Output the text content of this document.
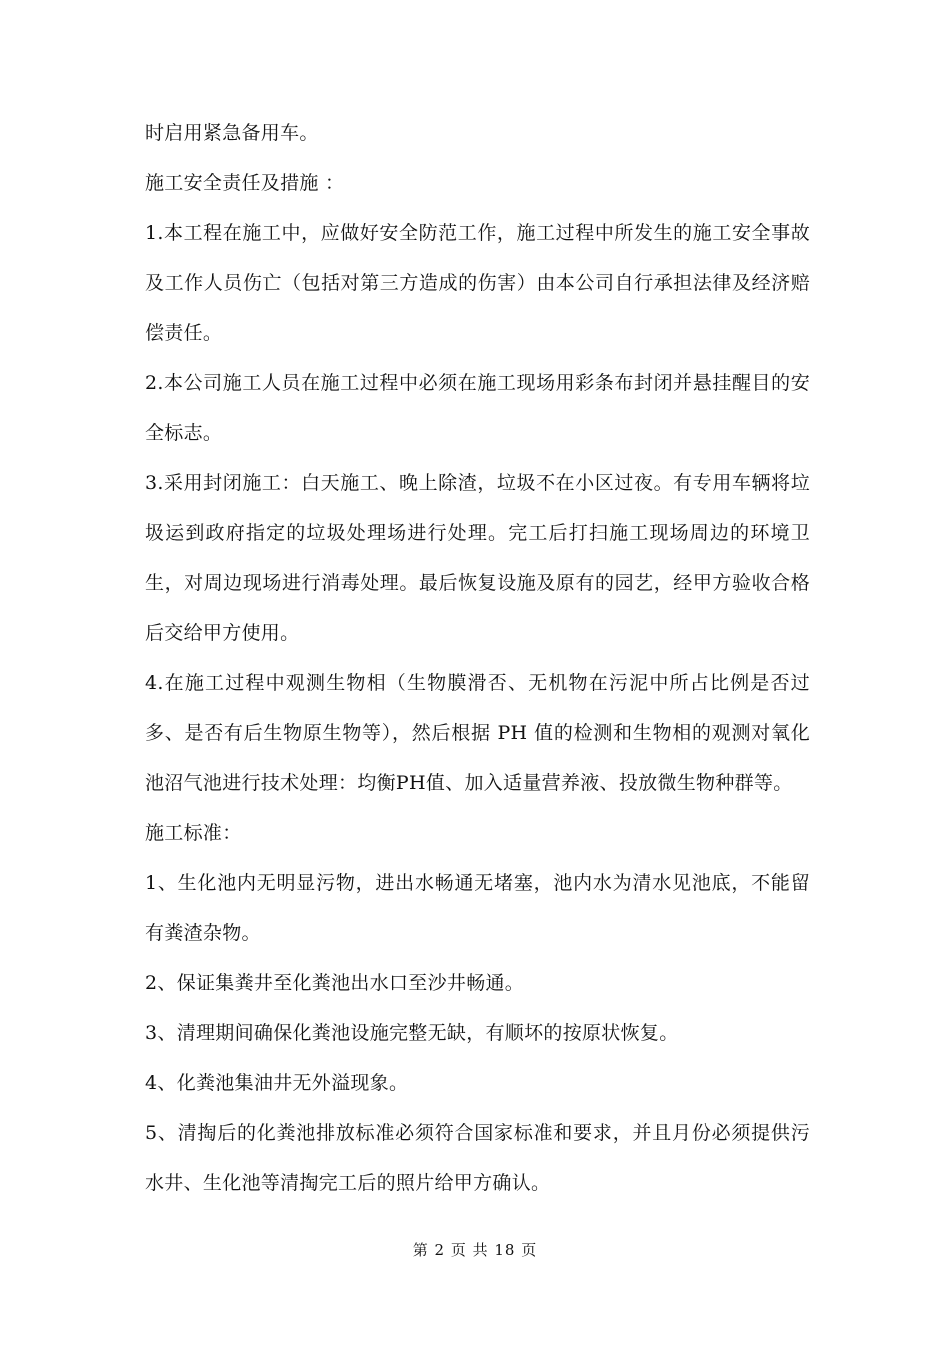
时启用紧急备用车。

施工安全责任及措施 ：

1.本工程在施工中，应做好安全防范工作，施工过程中所发生的施工安全事故及工作人员伤亡（包括对第三方造成的伤害）由本公司自行承担法律及经济赔偿责任。

2.本公司施工人员在施工过程中必须在施工现场用彩条布封闭并悬挂醒目的安全标志。

3.采用封闭施工：白天施工、晚上除渣，垃圾不在小区过夜。有专用车辆将垃圾运到政府指定的垃圾处理场进行处理。完工后打扫施工现场周边的环境卫生，对周边现场进行消毒处理。最后恢复设施及原有的园艺，经甲方验收合格后交给甲方使用。

4.在施工过程中观测生物相（生物膜滑否、无机物在污泥中所占比例是否过多、是否有后生物原生物等），然后根据 PH 值的检测和生物相的观测对氧化池沼气池进行技术处理：均衡PH值、加入适量营养液、投放微生物种群等。

施工标准：

1、生化池内无明显污物，进出水畅通无堵塞，池内水为清水见池底，不能留有粪渣杂物。

2、保证集粪井至化粪池出水口至沙井畅通。

3、清理期间确保化粪池设施完整无缺，有顺坏的按原状恢复。

4、化粪池集油井无外溢现象。

5、清掏后的化粪池排放标准必须符合国家标准和要求，并且月份必须提供污水井、生化池等清掏完工后的照片给甲方确认。

第 2 页 共 18 页
